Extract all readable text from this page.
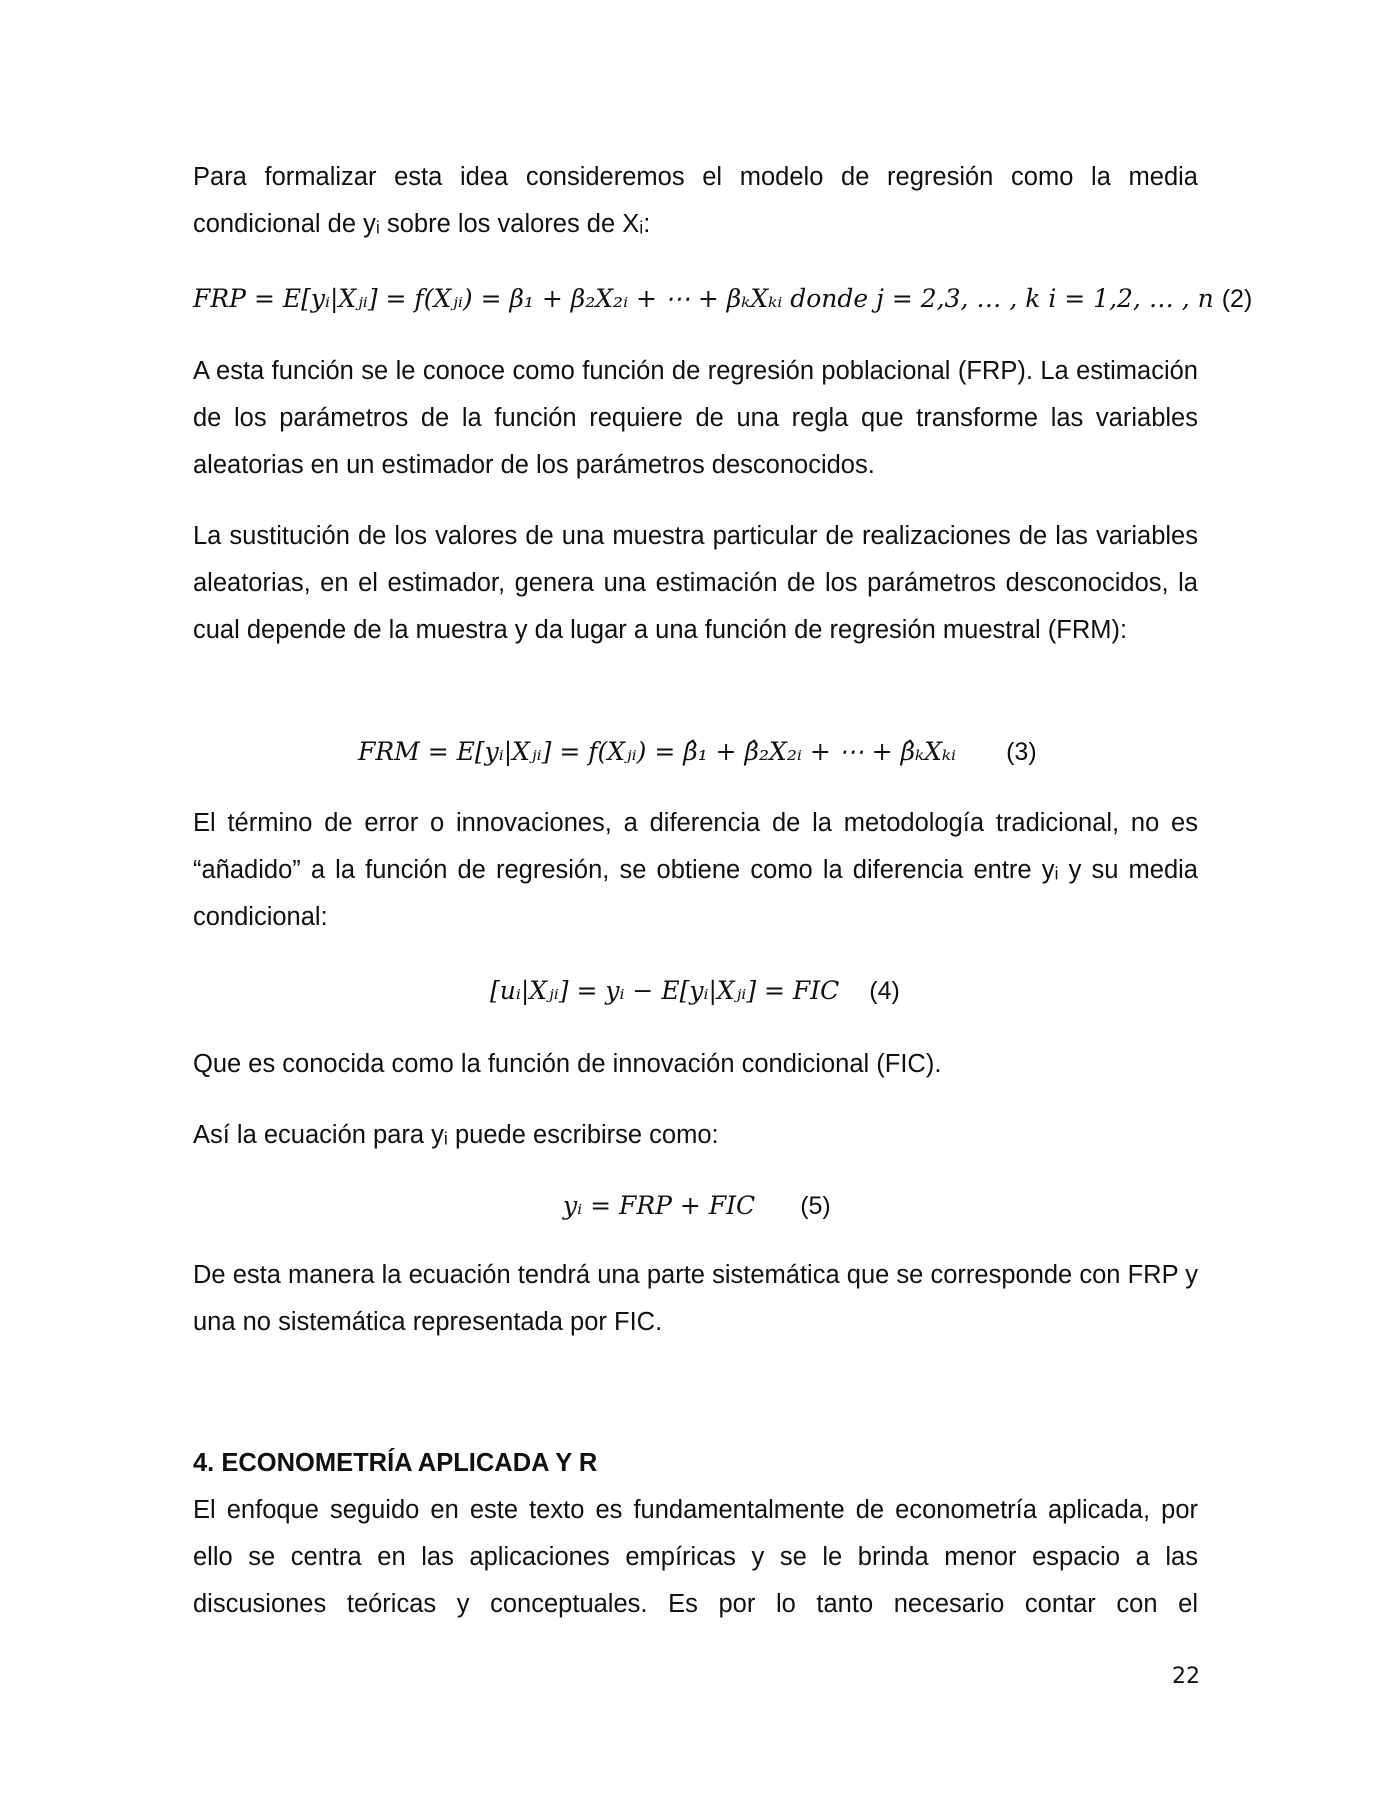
Para formalizar esta idea consideremos el modelo de regresión como la media condicional de yᵢ sobre los valores de Xᵢ:
FRP = E[yᵢ|Xⱼᵢ] = f(Xⱼᵢ) = β₁ + β₂X₂ᵢ + ⋯ + βₖXₖᵢ donde j = 2,3, … , k i = 1,2, … , n (2)
A esta función se le conoce como función de regresión poblacional (FRP). La estimación de los parámetros de la función requiere de una regla que transforme las variables aleatorias en un estimador de los parámetros desconocidos.
La sustitución de los valores de una muestra particular de realizaciones de las variables aleatorias, en el estimador, genera una estimación de los parámetros desconocidos, la cual depende de la muestra y da lugar a una función de regresión muestral (FRM):
FRM = E[yᵢ|Xⱼᵢ] = f(Xⱼᵢ) = β̂₁ + β̂₂X₂ᵢ + ⋯ + β̂ₖXₖᵢ (3)
El término de error o innovaciones, a diferencia de la metodología tradicional, no es “añadido” a la función de regresión, se obtiene como la diferencia entre yᵢ y su media condicional:
[uᵢ|Xⱼᵢ] = yᵢ − E[yᵢ|Xⱼᵢ] = FIC (4)
Que es conocida como la función de innovación condicional (FIC).
Así la ecuación para yᵢ puede escribirse como:
yᵢ = FRP + FIC (5)
De esta manera la ecuación tendrá una parte sistemática que se corresponde con FRP y una no sistemática representada por FIC.
4. ECONOMETRÍA APLICADA Y R
El enfoque seguido en este texto es fundamentalmente de econometría aplicada, por ello se centra en las aplicaciones empíricas y se le brinda menor espacio a las discusiones teóricas y conceptuales. Es por lo tanto necesario contar con el
22
